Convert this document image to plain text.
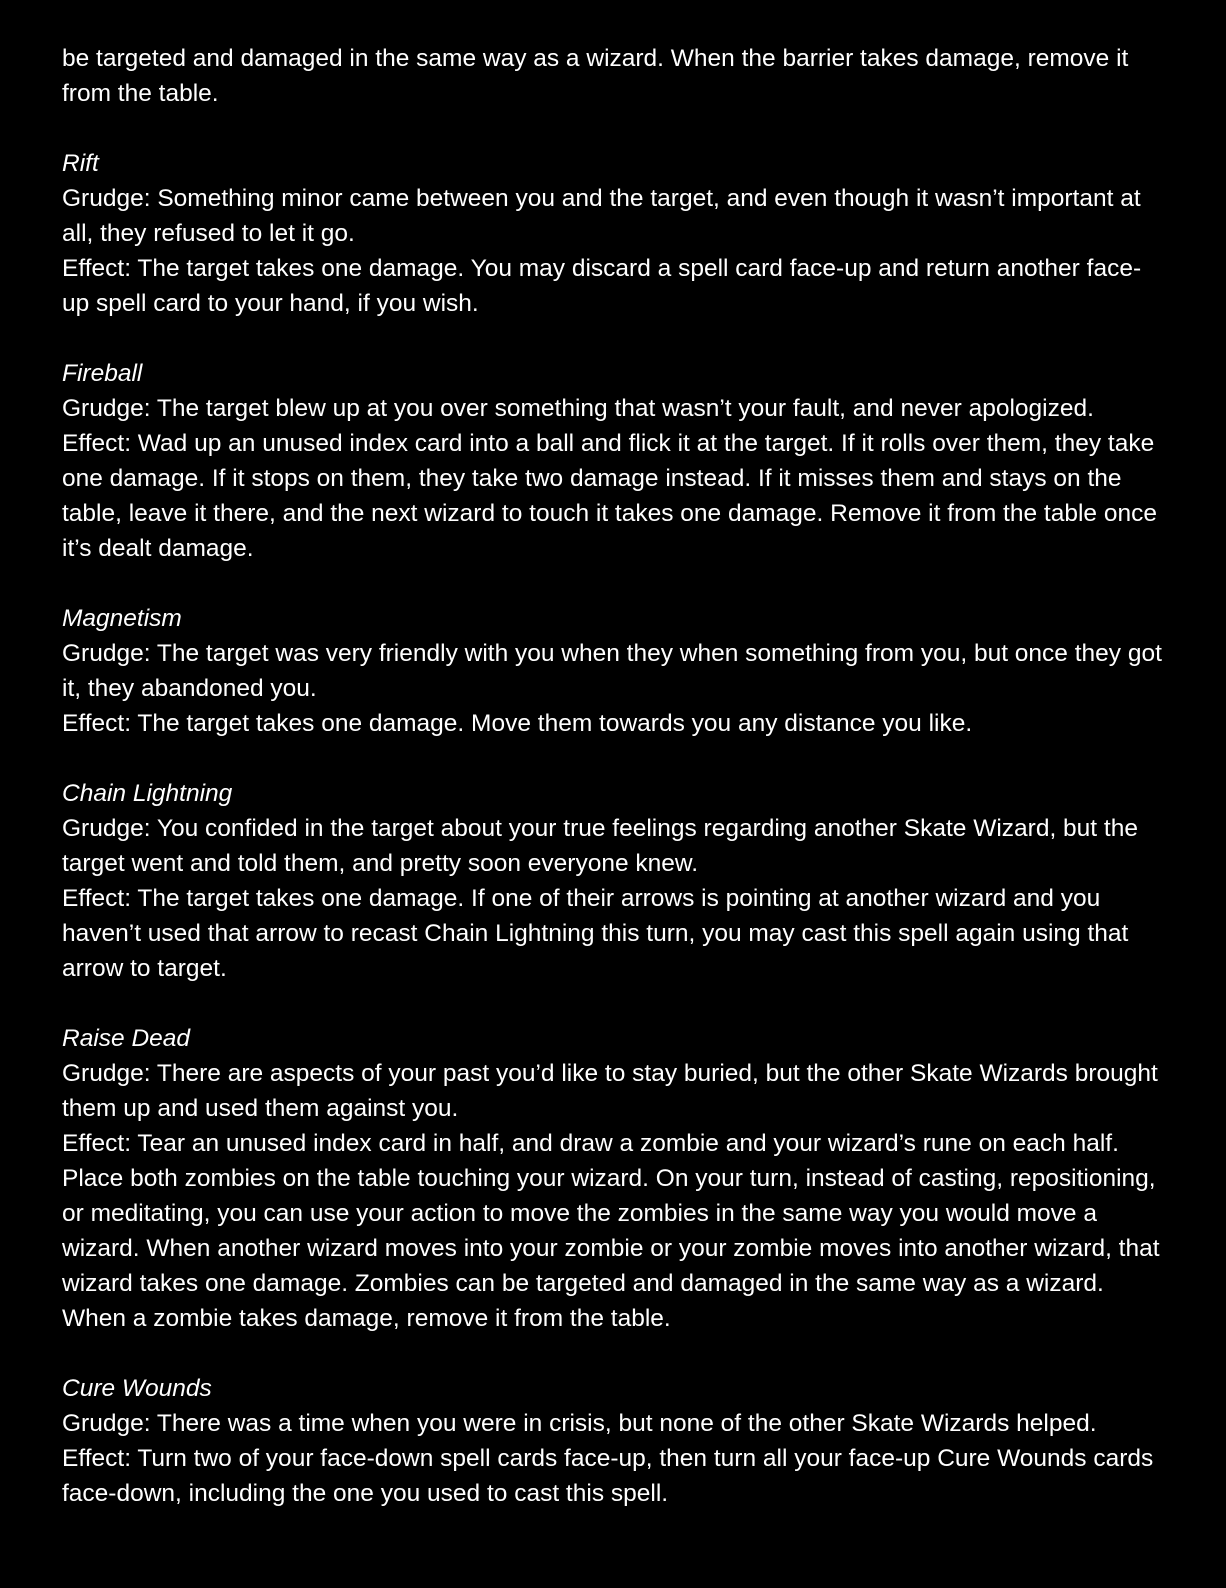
be targeted and damaged in the same way as a wizard. When the barrier takes damage, remove it from the table.

Rift

Grudge: Something minor came between you and the target, and even though it wasn’t important at all, they refused to let it go.

Effect: The target takes one damage. You may discard a spell card face-up and return another face-up spell card to your hand, if you wish.

Fireball

Grudge: The target blew up at you over something that wasn’t your fault, and never apologized.

Effect: Wad up an unused index card into a ball and flick it at the target. If it rolls over them, they take one damage. If it stops on them, they take two damage instead. If it misses them and stays on the table, leave it there, and the next wizard to touch it takes one damage. Remove it from the table once it’s dealt damage.

Magnetism

Grudge: The target was very friendly with you when they when something from you, but once they got it, they abandoned you.

Effect: The target takes one damage. Move them towards you any distance you like.

Chain Lightning

Grudge: You confided in the target about your true feelings regarding another Skate Wizard, but the target went and told them, and pretty soon everyone knew.

Effect: The target takes one damage. If one of their arrows is pointing at another wizard and you haven’t used that arrow to recast Chain Lightning this turn, you may cast this spell again using that arrow to target.

Raise Dead

Grudge: There are aspects of your past you’d like to stay buried, but the other Skate Wizards brought them up and used them against you.

Effect: Tear an unused index card in half, and draw a zombie and your wizard’s rune on each half. Place both zombies on the table touching your wizard. On your turn, instead of casting, repositioning, or meditating, you can use your action to move the zombies in the same way you would move a wizard. When another wizard moves into your zombie or your zombie moves into another wizard, that wizard takes one damage. Zombies can be targeted and damaged in the same way as a wizard. When a zombie takes damage, remove it from the table.

Cure Wounds

Grudge: There was a time when you were in crisis, but none of the other Skate Wizards helped.

Effect: Turn two of your face-down spell cards face-up, then turn all your face-up Cure Wounds cards face-down, including the one you used to cast this spell.
